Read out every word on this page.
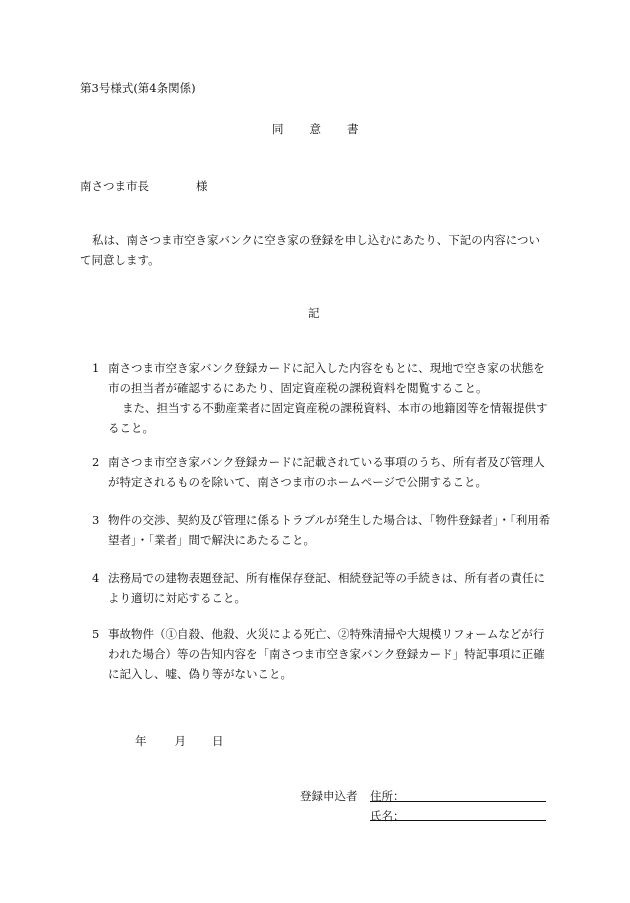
第3号様式(第4条関係)
同　　意　　書
南さつま市長	様
私は、南さつま市空き家バンクに空き家の登録を申し込むにあたり、下記の内容について同意します。
記
1 南さつま市空き家バンク登録カードに記入した内容をもとに、現地で空き家の状態を市の担当者が確認するにあたり、固定資産税の課税資料を閲覧すること。
また、担当する不動産業者に固定資産税の課税資料、本市の地籍図等を情報提供すること。
2 南さつま市空き家バンク登録カードに記載されている事項のうち、所有者及び管理人が特定されるものを除いて、南さつま市のホームページで公開すること。
3 物件の交渉、契約及び管理に係るトラブルが発生した場合は、「物件登録者」・「利用希望者」・「業者」間で解決にあたること。
4 法務局での建物表題登記、所有権保存登記、相続登記等の手続きは、所有者の責任により適切に対応すること。
5 事故物件（①自殺、他殺、火災による死亡、②特殊清掃や大規模リフォームなどが行われた場合）等の告知内容を「南さつま市空き家バンク登録カード」特記事項に正確に記入し、嘘、偽り等がないこと。
年 月 日
登録申込者 住所：
氏名：
